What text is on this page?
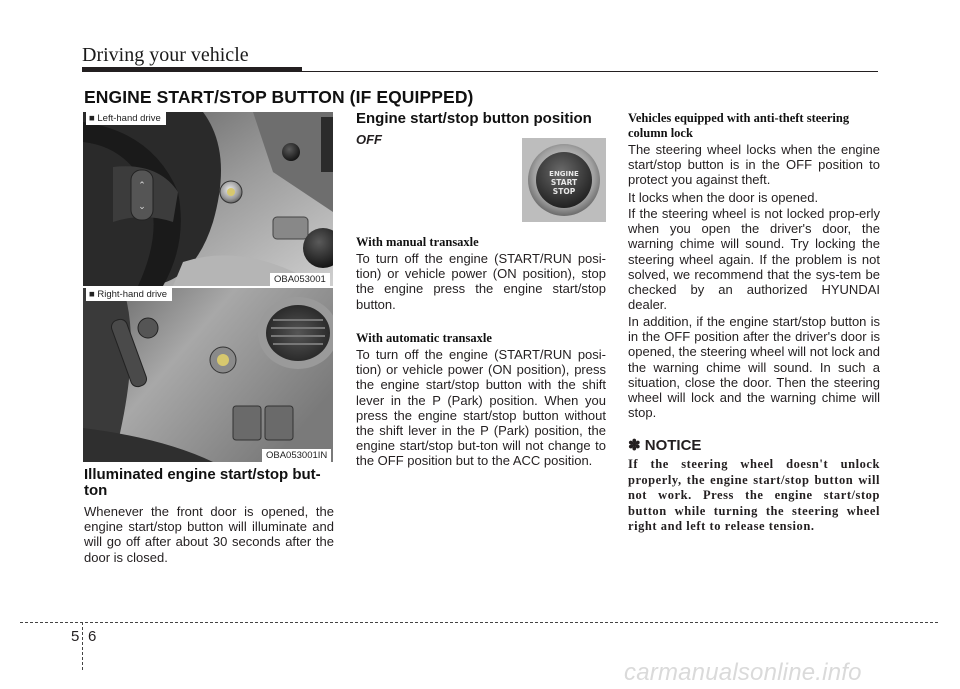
Driving your vehicle
ENGINE START/STOP BUTTON (IF EQUIPPED)
⌃
⌄
■ Left-hand drive
OBA053001
■ Right-hand drive
OBA053001IN
Illuminated engine start/stop but-ton
Whenever the front door is opened, the engine start/stop button will illuminate and will go off after about 30 seconds after the door is closed.
Engine start/stop button position
OFF
ENGINE
START
STOP
With manual transaxle
To turn off the engine (START/RUN posi-tion) or vehicle power (ON position), stop the engine press the engine start/stop button.
With automatic transaxle
To turn off the engine (START/RUN posi-tion) or vehicle power (ON position), press the engine start/stop button with the shift lever in the P (Park) position. When you press the engine start/stop button without the shift lever in the P (Park) position, the engine start/stop but-ton will not change to the OFF position but to the ACC position.
Vehicles equipped with anti-theft steering column lock
The steering wheel locks when the engine start/stop button is in the OFF position to protect you against theft.
It locks when the door is opened.
If the steering wheel is not locked prop-erly when you open the driver's door, the warning chime will sound. Try locking the steering wheel again. If the problem is not solved, we recommend that the sys-tem be checked by an authorized HYUNDAI dealer.
In addition, if the engine start/stop button is in the OFF position after the driver's door is opened, the steering wheel will not lock and the warning chime will sound. In such a situation, close the door. Then the steering wheel will lock and the warning chime will stop.
✽ NOTICE
If the steering wheel doesn't unlock properly, the engine start/stop button will not work. Press the engine start/stop button while turning the steering wheel right and left to release tension.
5 6
carmanualsonline.info
